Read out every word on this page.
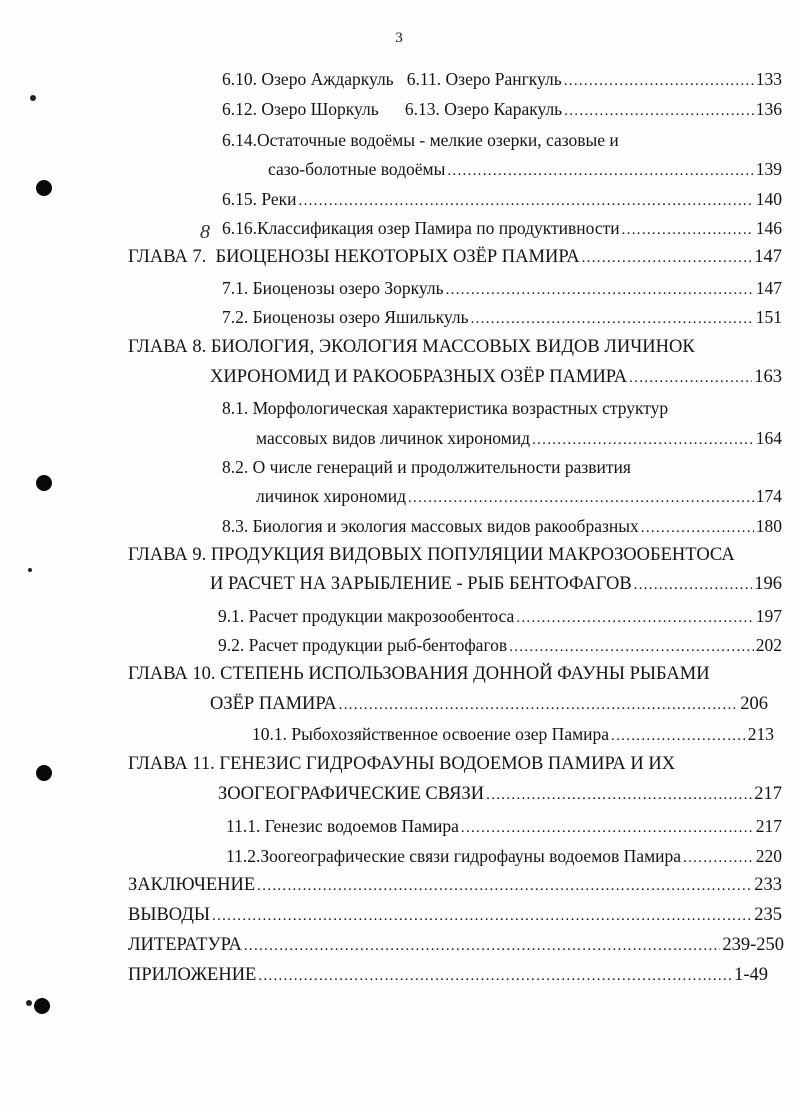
3
8
6.10. Озеро Аждаркуль   6.11. Озеро Рангкуль .....	133
6.12. Озеро Шоркуль      6.13. Озеро Каракуль .....	136
6.14.Остаточные водоёмы - мелкие озерки, сазовые и
сазо-болотные водоёмы .....	139
6.15. Реки .....	140
6.16.Классификация озер Памира по продуктивности .....	146
ГЛАВА 7.  БИОЦЕНОЗЫ НЕКОТОРЫХ ОЗЁР ПАМИРА .....	147
7.1. Биоценозы озеро Зоркуль .....	147
7.2. Биоценозы озеро Яшилькуль .....	151
ГЛАВА 8. БИОЛОГИЯ, ЭКОЛОГИЯ МАССОВЫХ ВИДОВ ЛИЧИНОК
ХИРОНОМИД И РАКООБРАЗНЫХ ОЗЁР ПАМИРА .....	163
8.1. Морфологическая характеристика возрастных структур
массовых видов личинок хирономид .....	164
8.2. О числе генераций и продолжительности развития
личинок хирономид .....	174
8.3. Биология и экология массовых видов ракообразных .....	180
ГЛАВА 9. ПРОДУКЦИЯ ВИДОВЫХ ПОПУЛЯЦИИ МАКРОЗООБЕНТОСА
И РАСЧЕТ НА ЗАРЫБЛЕНИЕ - РЫБ БЕНТОФАГОВ .....	196
9.1. Расчет продукции макрозообентоса .....	197
9.2. Расчет продукции рыб-бентофагов .....	202
ГЛАВА 10. СТЕПЕНЬ ИСПОЛЬЗОВАНИЯ ДОННОЙ ФАУНЫ РЫБАМИ
ОЗЁР ПАМИРА .....	206
10.1. Рыбохозяйственное освоение озер Памира .....	213
ГЛАВА 11. ГЕНЕЗИС ГИДРОФАУНЫ ВОДОЕМОВ ПАМИРА И ИХ
ЗООГЕОГРАФИЧЕСКИЕ СВЯЗИ .....	217
11.1. Генезис водоемов Памира .....	217
11.2.Зоогеографические связи гидрофауны водоемов Памира .....	220
ЗАКЛЮЧЕНИЕ .....	233
ВЫВОДЫ .....	235
ЛИТЕРАТУРА .....	239-250
ПРИЛОЖЕНИЕ .....	1-49
